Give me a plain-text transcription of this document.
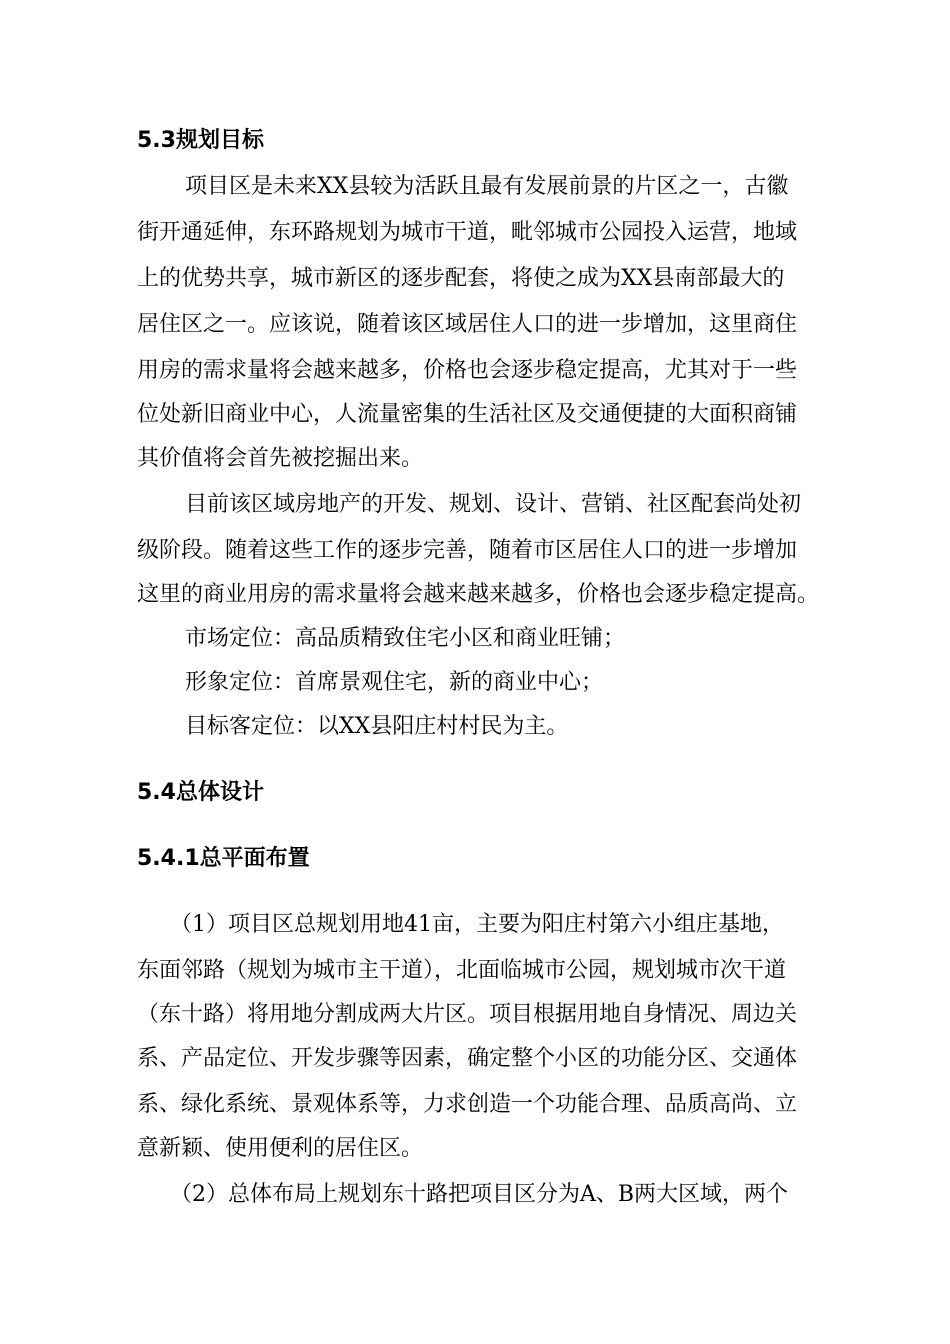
5.3规划目标

项目区是未来XX县较为活跃且最有发展前景的片区之一，古徽

街开通延伸，东环路规划为城市干道，毗邻城市公园投入运营，地域

上的优势共享，城市新区的逐步配套，将使之成为XX县南部最大的

居住区之一。应该说，随着该区域居住人口的进一步增加，这里商住

用房的需求量将会越来越多，价格也会逐步稳定提高，尤其对于一些

位处新旧商业中心，人流量密集的生活社区及交通便捷的大面积商铺

其价值将会首先被挖掘出来。

目前该区域房地产的开发、规划、设计、营销、社区配套尚处初

级阶段。随着这些工作的逐步完善，随着市区居住人口的进一步增加

这里的商业用房的需求量将会越来越来越多，价格也会逐步稳定提高。

市场定位：高品质精致住宅小区和商业旺铺；

形象定位：首席景观住宅，新的商业中心；

目标客定位：以XX县阳庄村村民为主。

5.4总体设计
5.4.1总平面布置

（1）项目区总规划用地41亩，主要为阳庄村第六小组庄基地，

东面邻路（规划为城市主干道），北面临城市公园，规划城市次干道

（东十路）将用地分割成两大片区。项目根据用地自身情况、周边关

系、产品定位、开发步骤等因素，确定整个小区的功能分区、交通体

系、绿化系统、景观体系等，力求创造一个功能合理、品质高尚、立

意新颖、使用便利的居住区。

（2）总体布局上规划东十路把项目区分为A、B两大区域，两个
